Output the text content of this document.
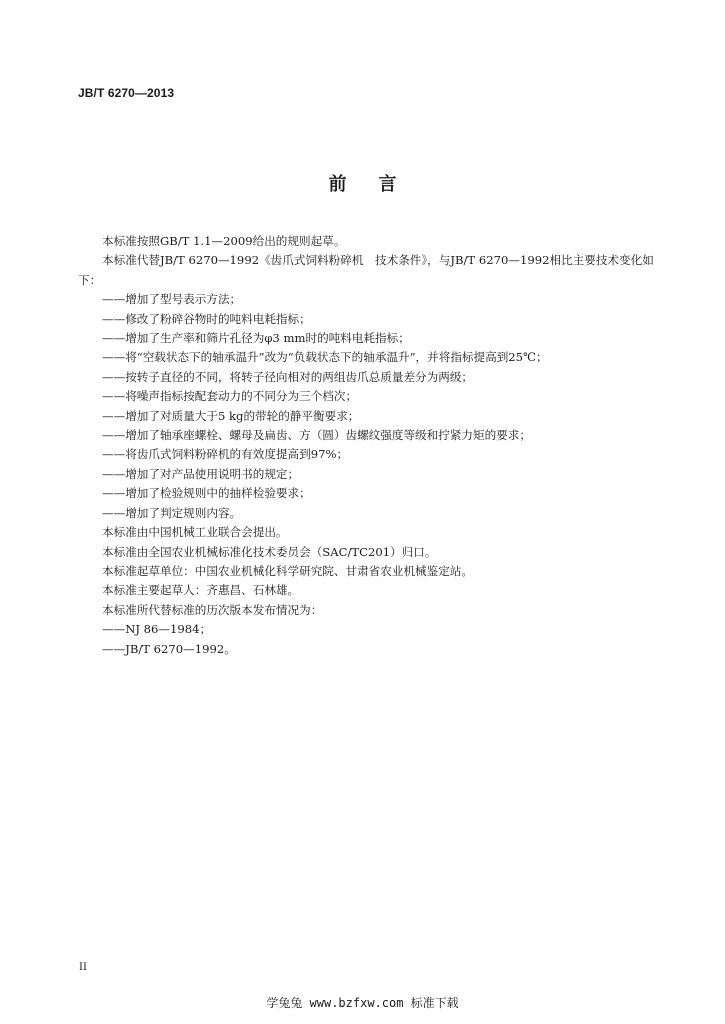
JB/T 6270—2013
前言

本标准按照GB/T 1.1—2009给出的规则起草。

本标准代替JB/T 6270—1992《齿爪式饲料粉碎机　技术条件》，与JB/T 6270—1992相比主要技术变化如下：

——增加了型号表示方法；

——修改了粉碎谷物时的吨料电耗指标；

——增加了生产率和筛片孔径为φ3 mm时的吨料电耗指标；

——将“空载状态下的轴承温升”改为“负载状态下的轴承温升”，并将指标提高到25℃；

——按转子直径的不同，将转子径向相对的两组齿爪总质量差分为两级；

——将噪声指标按配套动力的不同分为三个档次；

——增加了对质量大于5 kg的带轮的静平衡要求；

——增加了轴承座螺栓、螺母及扁齿、方（圆）齿螺纹强度等级和拧紧力矩的要求；

——将齿爪式饲料粉碎机的有效度提高到97%；

——增加了对产品使用说明书的规定；

——增加了检验规则中的抽样检验要求；

——增加了判定规则内容。

本标准由中国机械工业联合会提出。

本标准由全国农业机械标准化技术委员会（SAC/TC201）归口。

本标准起草单位：中国农业机械化科学研究院、甘肃省农业机械鉴定站。

本标准主要起草人：齐惠昌、石林雄。

本标准所代替标准的历次版本发布情况为：

——NJ 86—1984；

——JB/T 6270—1992。

II
学兔兔 www.bzfxw.com 标准下载
